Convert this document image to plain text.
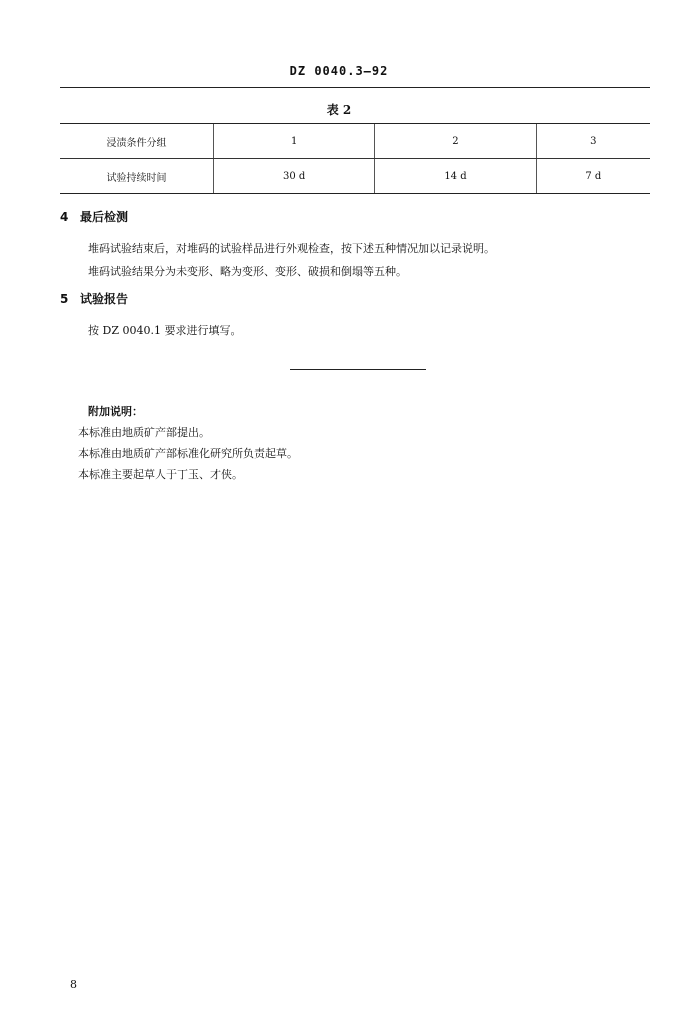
DZ 0040.3—92
表 2
浸渍条件分组	1	2	3
试验持续时间	30 d	14 d	7 d
4 最后检测
堆码试验结束后，对堆码的试验样品进行外观检查，按下述五种情况加以记录说明。
堆码试验结果分为未变形、略为变形、变形、破损和倒塌等五种。
5 试验报告
按 DZ 0040.1 要求进行填写。
附加说明：
本标准由地质矿产部提出。
本标准由地质矿产部标准化研究所负责起草。
本标准主要起草人于丁玉、才侠。
8
